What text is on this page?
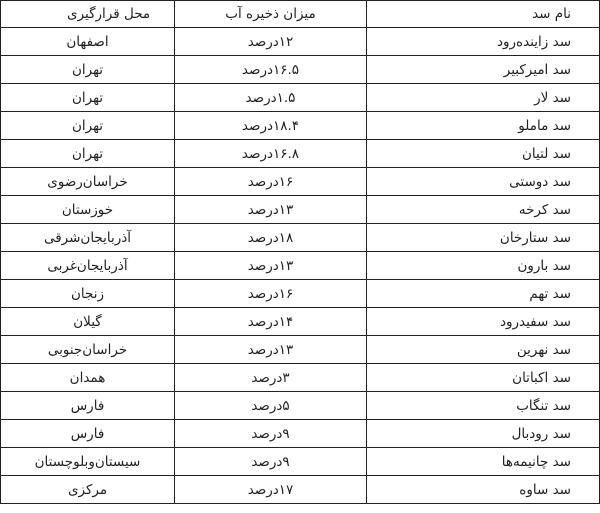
نام سد	میزان ذخیره آب	محل قرارگیری
سد زاینده‌رود	۱۲درصد	اصفهان
سد امیرکبیر	۱۶.۵درصد	تهران
سد لار	۱.۵درصد	تهران
سد ماملو	۱۸.۴درصد	تهران
سد لتیان	۱۶.۸درصد	تهران
سد دوستی	۱۶درصد	خراسان‌رضوی
سد کرخه	۱۳درصد	خوزستان
سد ستارخان	۱۸درصد	آذربایجان‌شرقی
سد بارون	۱۳درصد	آذربایجان‌غربی
سد تهم	۱۶درصد	زنجان
سد سفیدرود	۱۴درصد	گیلان
سد نهرین	۱۳درصد	خراسان‌جنوبی
سد اکباتان	۳درصد	همدان
سد تنگاب	۵درصد	فارس
سد رودبال	۹درصد	فارس
سد چانیمه‌ها	۹درصد	سیستان‌وبلوچستان
سد ساوه	۱۷درصد	مرکزی
